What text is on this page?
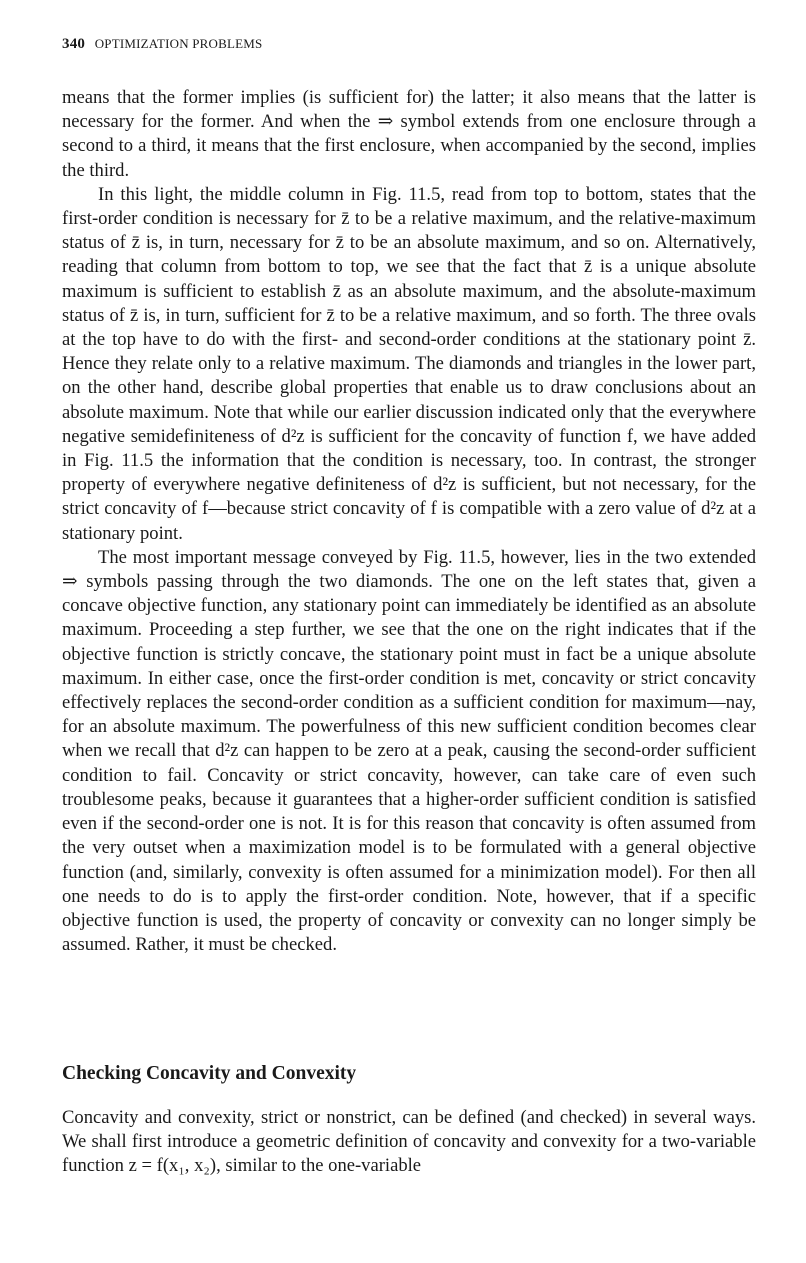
340 OPTIMIZATION PROBLEMS

means that the former implies (is sufficient for) the latter; it also means that the latter is necessary for the former. And when the ⇒ symbol extends from one enclosure through a second to a third, it means that the first enclosure, when accompanied by the second, implies the third.

In this light, the middle column in Fig. 11.5, read from top to bottom, states that the first-order condition is necessary for z̄ to be a relative maximum, and the relative-maximum status of z̄ is, in turn, necessary for z̄ to be an absolute maximum, and so on. Alternatively, reading that column from bottom to top, we see that the fact that z̄ is a unique absolute maximum is sufficient to establish z̄ as an absolute maximum, and the absolute-maximum status of z̄ is, in turn, sufficient for z̄ to be a relative maximum, and so forth. The three ovals at the top have to do with the first- and second-order conditions at the stationary point z̄. Hence they relate only to a relative maximum. The diamonds and triangles in the lower part, on the other hand, describe global properties that enable us to draw conclusions about an absolute maximum. Note that while our earlier discussion indicated only that the everywhere negative semidefiniteness of d²z is sufficient for the concavity of function f, we have added in Fig. 11.5 the information that the condition is necessary, too. In contrast, the stronger property of everywhere negative definiteness of d²z is sufficient, but not necessary, for the strict concavity of f—because strict concavity of f is compatible with a zero value of d²z at a stationary point.

The most important message conveyed by Fig. 11.5, however, lies in the two extended ⇒ symbols passing through the two diamonds. The one on the left states that, given a concave objective function, any stationary point can immediately be identified as an absolute maximum. Proceeding a step further, we see that the one on the right indicates that if the objective function is strictly concave, the stationary point must in fact be a unique absolute maximum. In either case, once the first-order condition is met, concavity or strict concavity effectively replaces the second-order condition as a sufficient condition for maximum—nay, for an absolute maximum. The powerfulness of this new sufficient condition becomes clear when we recall that d²z can happen to be zero at a peak, causing the second-order sufficient condition to fail. Concavity or strict concavity, however, can take care of even such troublesome peaks, because it guarantees that a higher-order sufficient condition is satisfied even if the second-order one is not. It is for this reason that concavity is often assumed from the very outset when a maximization model is to be formulated with a general objective function (and, similarly, convexity is often assumed for a minimization model). For then all one needs to do is to apply the first-order condition. Note, however, that if a specific objective function is used, the property of concavity or convexity can no longer simply be assumed. Rather, it must be checked.

Checking Concavity and Convexity

Concavity and convexity, strict or nonstrict, can be defined (and checked) in several ways. We shall first introduce a geometric definition of concavity and convexity for a two-variable function z = f(x₁, x₂), similar to the one-variable
